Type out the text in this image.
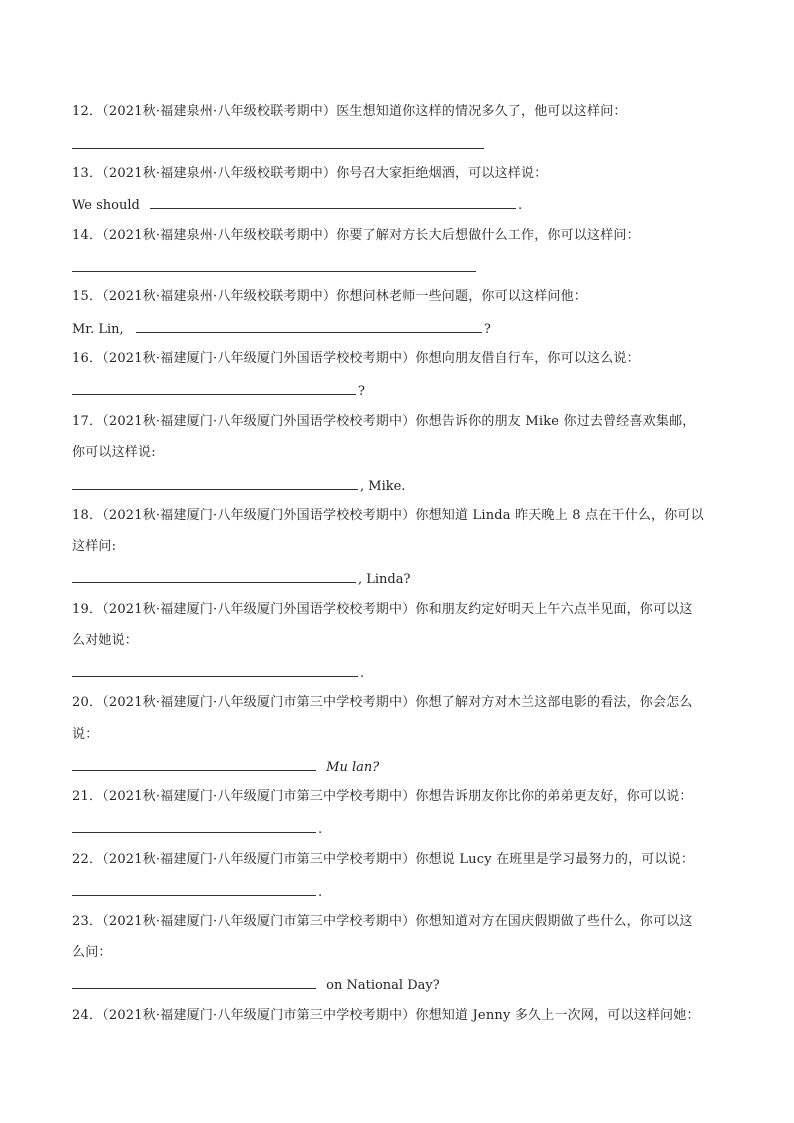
12．（2021秋·福建泉州·八年级校联考期中）医生想知道你这样的情况多久了，他可以这样问：
13．（2021秋·福建泉州·八年级校联考期中）你号召大家拒绝烟酒，可以这样说：
We should	.
14．（2021秋·福建泉州·八年级校联考期中）你要了解对方长大后想做什么工作，你可以这样问：
15．（2021秋·福建泉州·八年级校联考期中）你想问林老师一些问题，你可以这样问他：
Mr. Lin,	?
16．（2021秋·福建厦门·八年级厦门外国语学校校考期中）你想向朋友借自行车，你可以这么说：
?
17．（2021秋·福建厦门·八年级厦门外国语学校校考期中）你想告诉你的朋友 Mike 你过去曾经喜欢集邮，
你可以这样说:
, Mike.
18．（2021秋·福建厦门·八年级厦门外国语学校校考期中）你想知道 Linda 昨天晚上 8 点在干什么，你可以
这样问:
, Linda?
19．（2021秋·福建厦门·八年级厦门外国语学校校考期中）你和朋友约定好明天上午六点半见面，你可以这
么对她说：
.
20．（2021秋·福建厦门·八年级厦门市第三中学校考期中）你想了解对方对木兰这部电影的看法，你会怎么
说：
Mu lan?
21．（2021秋·福建厦门·八年级厦门市第三中学校考期中）你想告诉朋友你比你的弟弟更友好，你可以说：
.
22．（2021秋·福建厦门·八年级厦门市第三中学校考期中）你想说 Lucy 在班里是学习最努力的，可以说：
.
23．（2021秋·福建厦门·八年级厦门市第三中学校考期中）你想知道对方在国庆假期做了些什么，你可以这
么问：
on National Day?
24．（2021秋·福建厦门·八年级厦门市第三中学校考期中）你想知道 Jenny 多久上一次网，可以这样问她：
